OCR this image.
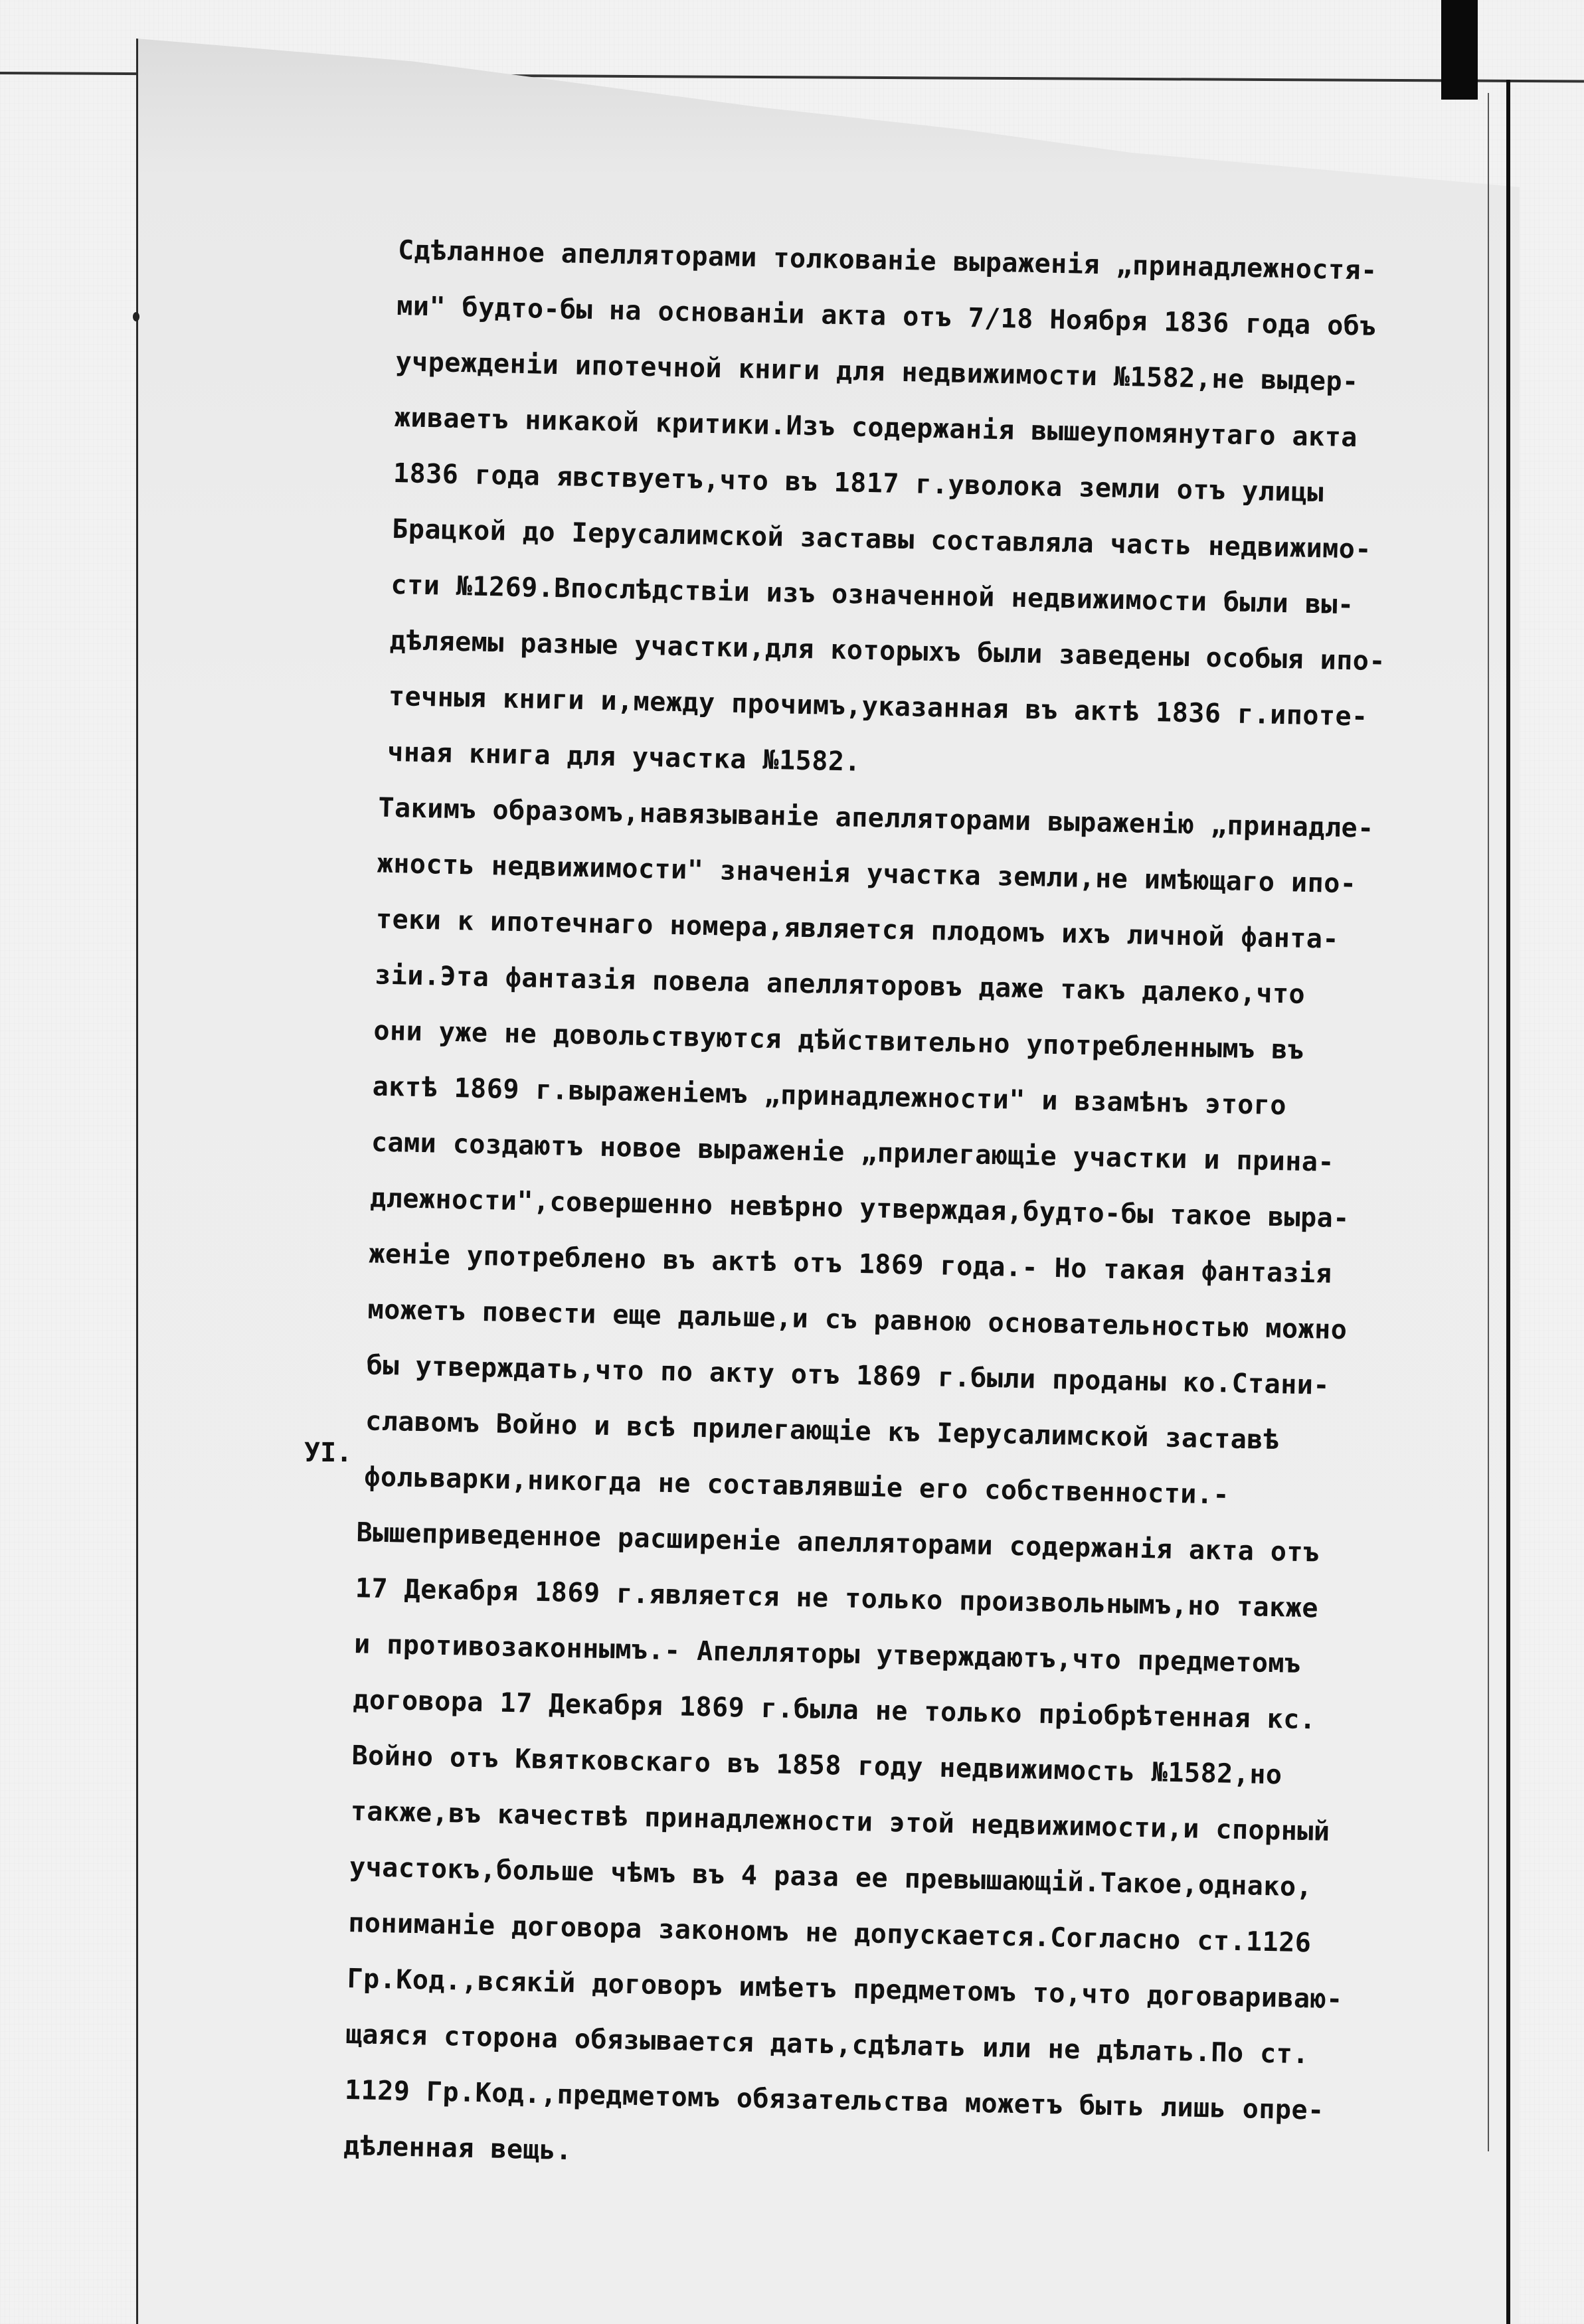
УІ.
Сдѣланное апелляторами толкованіе выраженія „принадлежностя-
ми" будто-бы на основаніи акта отъ 7/18 Ноября 1836 года объ
учрежденіи ипотечной книги для недвижимости №1582,не выдер-
живаетъ никакой критики.Изъ содержанія вышеупомянутаго акта
1836 года явствуетъ,что въ 1817 г.уволока земли отъ улицы
Брацкой до Іерусалимской заставы составляла часть недвижимо-
сти №1269.Впослѣдствіи изъ означенной недвижимости были вы-
дѣляемы разные участки,для которыхъ были заведены особыя ипо-
течныя книги и,между прочимъ,указанная въ актѣ 1836 г.ипоте-
чная книга для участка №1582.
Такимъ образомъ,навязываніе апелляторами выраженію „принадле-
жность недвижимости" значенія участка земли,не имѣющаго ипо-
теки к ипотечнаго номера,является плодомъ ихъ личной фанта-
зіи.Эта фантазія повела апелляторовъ даже такъ далеко,что
они уже не довольствуются дѣйствительно употребленнымъ въ
актѣ 1869 г.выраженіемъ „принадлежности" и взамѣнъ этого
сами создаютъ новое выраженіе „прилегающіе участки и прина-
длежности",совершенно невѣрно утверждая,будто-бы такое выра-
женіе употреблено въ актѣ отъ 1869 года.- Но такая фантазія
можетъ повести еще дальше,и съ равною основательностью можно
бы утверждать,что по акту отъ 1869 г.были проданы ко.Стани-
славомъ Войно и всѣ прилегающіе къ Іерусалимской заставѣ
фольварки,никогда не составлявшіе его собственности.-
Вышеприведенное расширеніе апелляторами содержанія акта отъ
17 Декабря 1869 г.является не только произвольнымъ,но также
и противозаконнымъ.- Апелляторы утверждаютъ,что предметомъ
договора 17 Декабря 1869 г.была не только пріобрѣтенная кс.
Войно отъ Квятковскаго въ 1858 году недвижимость №1582,но
также,въ качествѣ принадлежности этой недвижимости,и спорный
участокъ,больше чѣмъ въ 4 раза ее превышающій.Такое,однако,
пониманіе договора закономъ не допускается.Согласно ст.1126
Гр.Код.,всякій договоръ имѣетъ предметомъ то,что договариваю-
щаяся сторона обязывается дать,сдѣлать или не дѣлать.По ст.
1129 Гр.Код.,предметомъ обязательства можетъ быть лишь опре-
дѣленная вещь.
